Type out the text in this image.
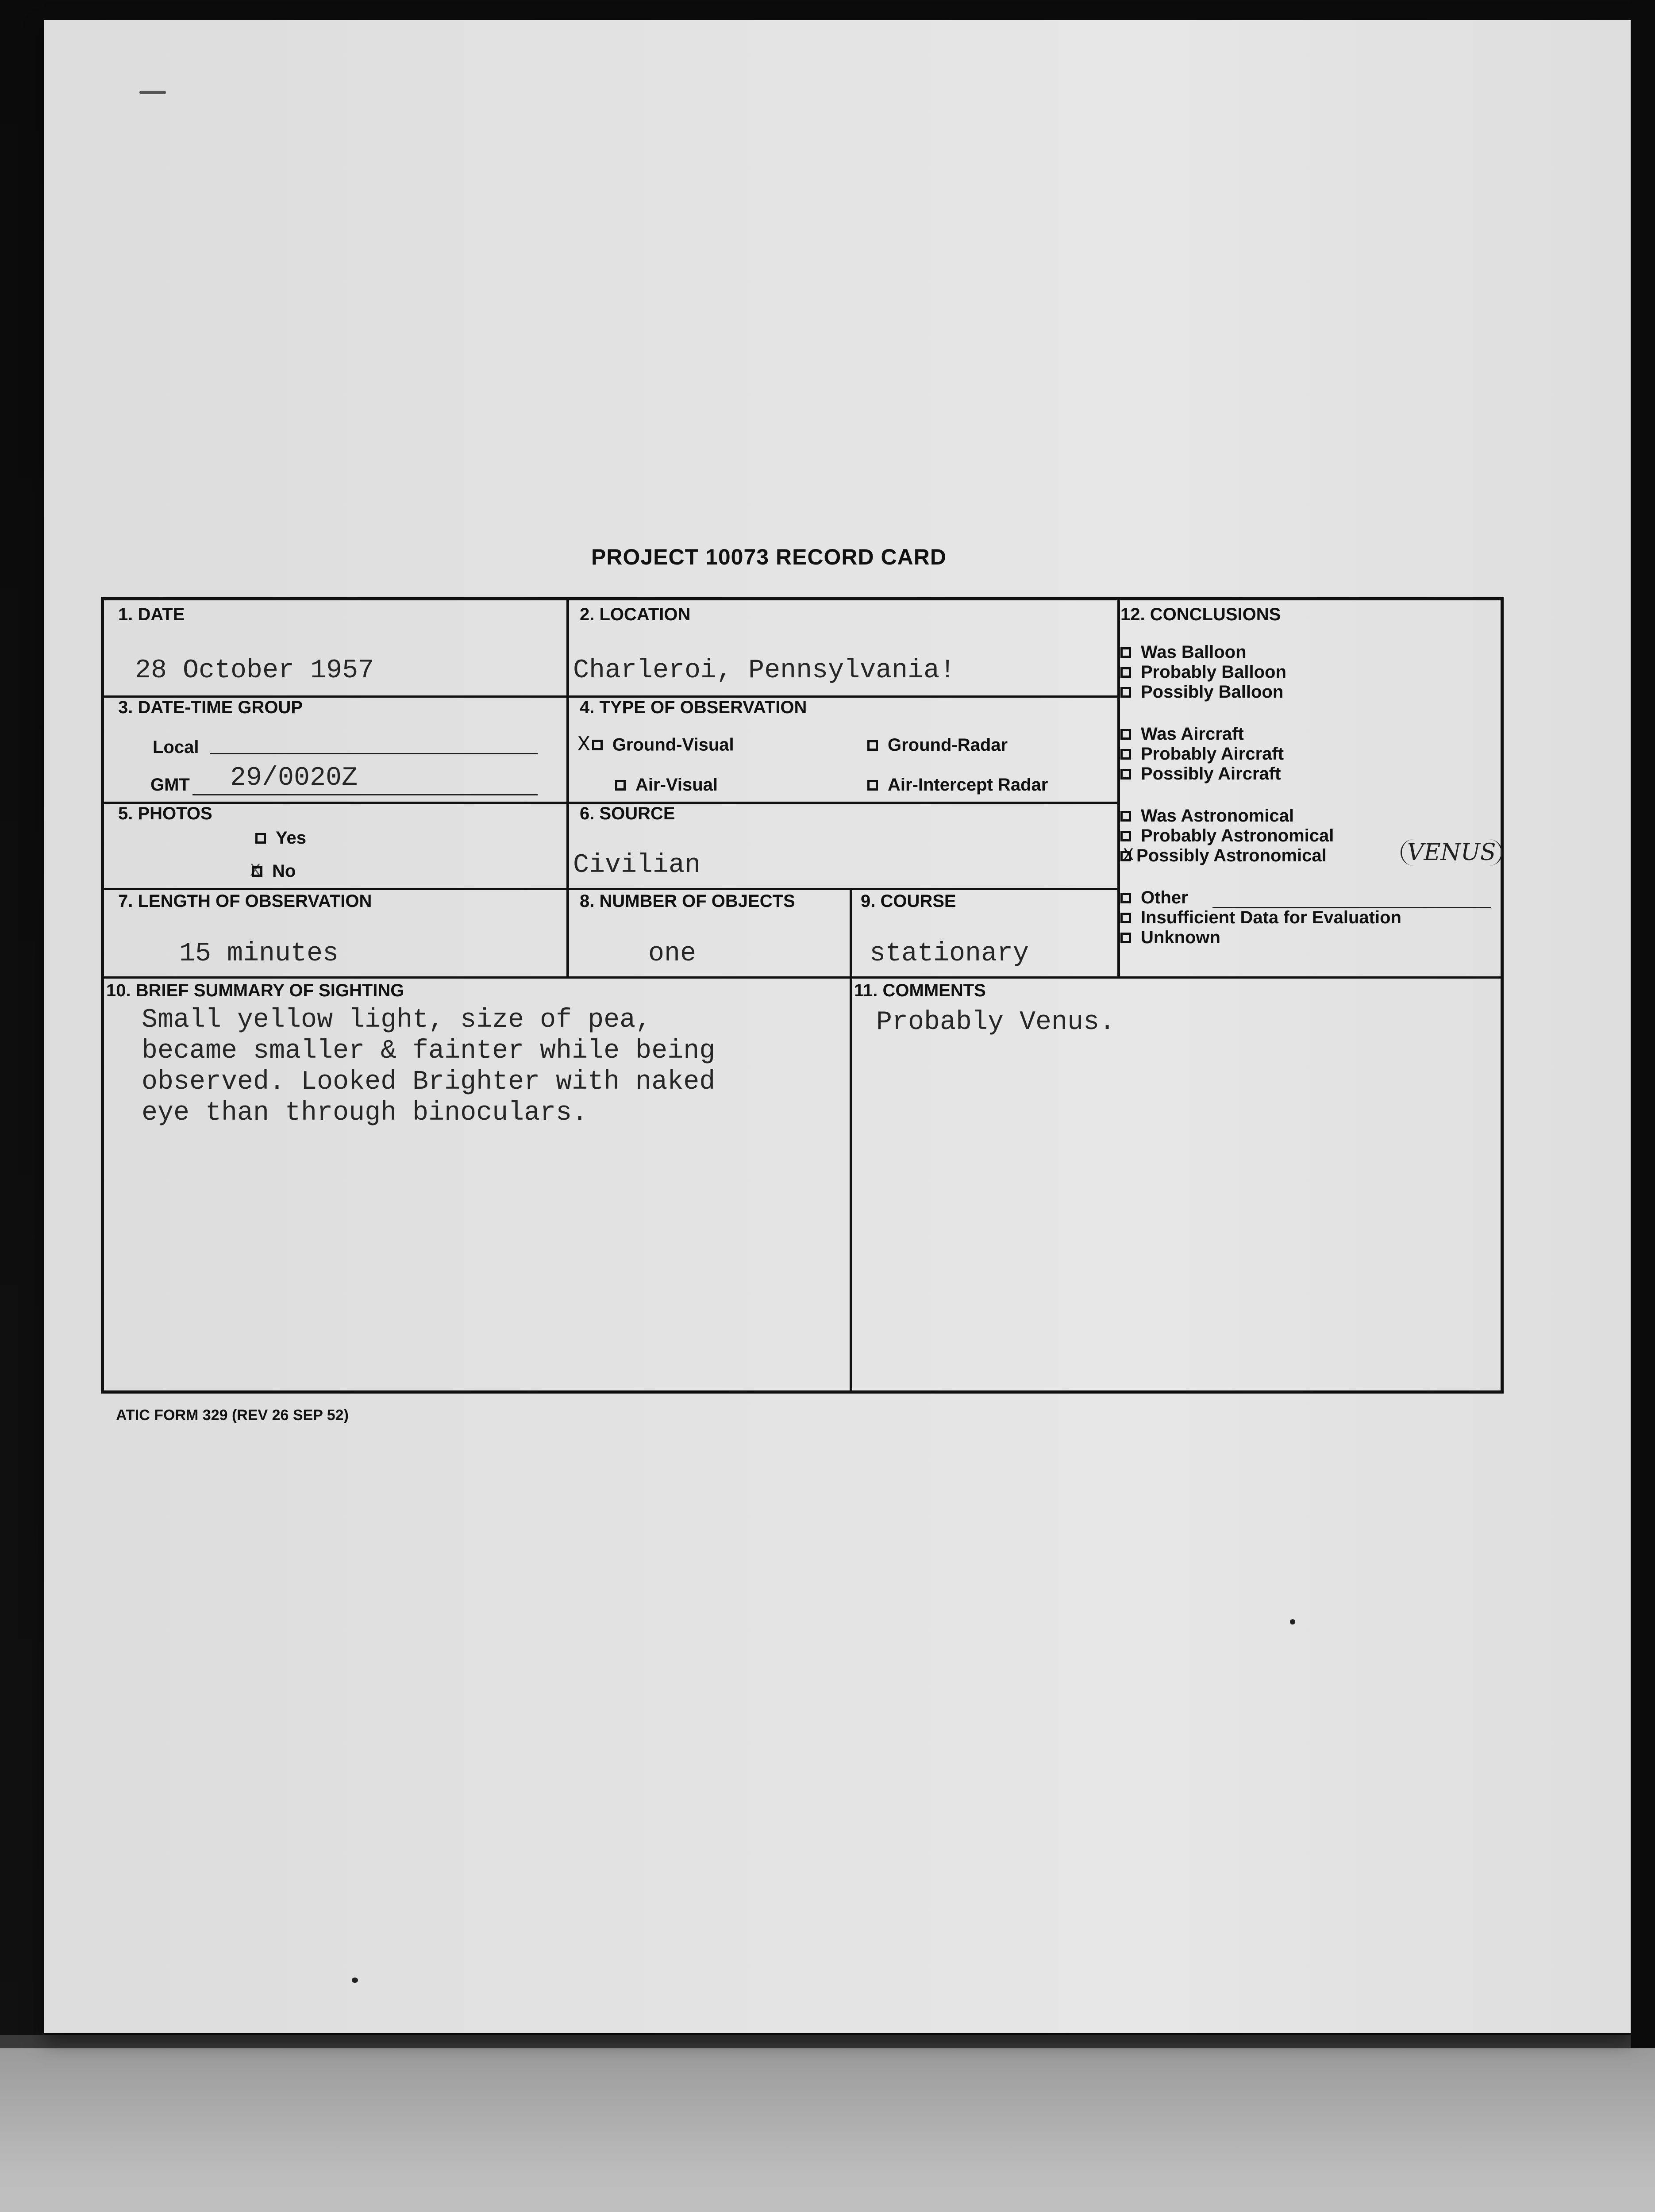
PROJECT 10073 RECORD CARD
1. DATE
28 October 1957
2. LOCATION
Charleroi, Pennsylvania!
3. DATE-TIME GROUP
Local
GMT 29/0020Z
4. TYPE OF OBSERVATION
X Ground-Visual	Ground-Radar
Air-Visual	Air-Intercept Radar
5. PHOTOS
Yes
X No
6. SOURCE
Civilian
7. LENGTH OF OBSERVATION
15 minutes
8. NUMBER OF OBJECTS
one
9. COURSE
stationary
10. BRIEF SUMMARY OF SIGHTING
Small yellow light, size of pea,
became smaller & fainter while being
observed. Looked Brighter with naked
eye than through binoculars.
11. COMMENTS
Probably Venus.
12. CONCLUSIONS
Was Balloon
Probably Balloon
Possibly Balloon
Was Aircraft
Probably Aircraft
Possibly Aircraft
Was Astronomical
Probably Astronomical
X Possibly Astronomical	VENUS
Other
Insufficient Data for Evaluation
Unknown
ATIC FORM 329 (REV 26 SEP 52)
